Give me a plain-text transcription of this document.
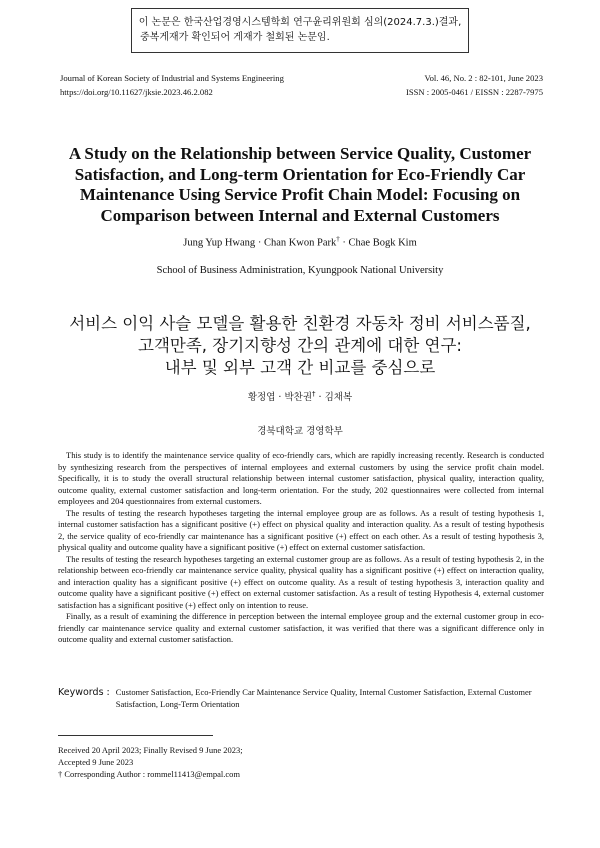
이 논문은 한국산업경영시스템학회 연구윤리위원회 심의(2024.7.3.)결과,
중복게재가 확인되어 게재가 철회된 논문임.
Journal of Korean Society of Industrial and Systems Engineering
https://doi.org/10.11627/jksie.2023.46.2.082
Vol. 46, No. 2 : 82-101, June 2023
ISSN : 2005-0461 / EISSN : 2287-7975
A Study on the Relationship between Service Quality, Customer
Satisfaction, and Long-term Orientation for Eco-Friendly Car
Maintenance Using Service Profit Chain Model: Focusing on
Comparison between Internal and External Customers
Jung Yup Hwang · Chan Kwon Park† · Chae Bogk Kim
School of Business Administration, Kyungpook National University
서비스 이익 사슬 모델을 활용한 친환경 자동차 정비 서비스품질,
고객만족, 장기지향성 간의 관계에 대한 연구:
내부 및 외부 고객 간 비교를 중심으로
황정엽 · 박찬권† · 김채복
경북대학교 경영학부

This study is to identify the maintenance service quality of eco-friendly cars, which are rapidly increasing recently. Research is conducted by synthesizing research from the perspectives of internal employees and external customers by using the service profit chain model. Specifically, it is to study the overall structural relationship between internal customer satisfaction, physical quality, interaction quality, outcome quality, external customer satisfaction and long-term orientation. For the study, 202 questionnaires were collected from internal employees and 204 questionnaires from external customers.

The results of testing the research hypotheses targeting the internal employee group are as follows. As a result of testing hypothesis 1, internal customer satisfaction has a significant positive (+) effect on physical quality and interaction quality. As a result of testing hypothesis 2, the service quality of eco-friendly car maintenance has a significant positive (+) effect on each other. As a result of testing hypothesis 3, physical quality and outcome quality have a significant positive (+) effect on external customer satisfaction.

The results of testing the research hypotheses targeting an external customer group are as follows. As a result of testing hypothesis 2, in the relationship between eco-friendly car maintenance service quality, physical quality has a significant positive (+) effect on interaction quality, and interaction quality has a significant positive (+) effect on outcome quality. As a result of testing hypothesis 3, interaction quality and outcome quality have a significant positive (+) effect on external customer satisfaction. As a result of testing Hypothesis 4, external customer satisfaction has a significant positive (+) effect only on intention to reuse.

Finally, as a result of examining the difference in perception between the internal employee group and the external customer group in eco-friendly car maintenance service quality and external customer satisfaction, it was verified that there was a significant difference only in outcome quality and external customer satisfaction.

Keywords : Customer Satisfaction, Eco-Friendly Car Maintenance Service Quality, Internal Customer Satisfaction, External Customer Satisfaction, Long-Term Orientation
Received 20 April 2023; Finally Revised 9 June 2023;
Accepted 9 June 2023
† Corresponding Author : rommel11413@empal.com
